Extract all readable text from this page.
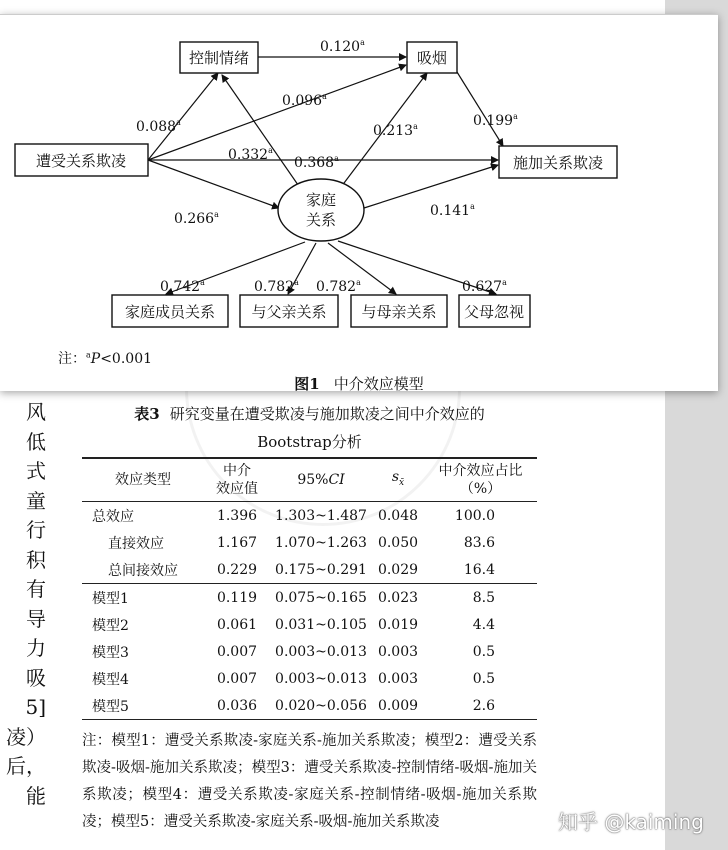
控制情绪	吸烟
遭受关系欺凌	施加关系欺凌
家庭
关系
家庭成员关系 与父亲关系 与母亲关系 父母忽视
0.120$^a$
0.088$^a$
0.096$^a$
0.332$^a$
0.368$^a$
0.213$^a$	0.199$^a$
0.266$^a$	0.141$^a$
0.742$^a$	0.782$^a$ 0.782$^a$	0.627$^a$
注：$^a$P<0.001
图1 中介效应模型
风
低
式
童
行
积
有
导
力
吸
5]
凌）
后，
能
表3 研究变量在遭受欺凌与施加欺凌之间中介效应的
Bootstrap分析
效应类型	中介
效应值	95%CI	$s_{x̄}$	中介效应占比
（%）
总效应	1.396	1.303~1.487	0.048	100.0
直接效应	1.167	1.070~1.263	0.050	83.6
总间接效应	0.229	0.175~0.291	0.029	16.4
模型1	0.119	0.075~0.165	0.023	8.5
模型2	0.061	0.031~0.105	0.019	4.4
模型3	0.007	0.003~0.013	0.003	0.5
模型4	0.007	0.003~0.013	0.003	0.5
模型5	0.036	0.020~0.056	0.009	2.6
注：模型1：遭受关系欺凌-家庭关系-施加关系欺凌；模型2：遭受关系欺凌-吸烟-施加关系欺凌；模型3：遭受关系欺凌-控制情绪-吸烟-施加关系欺凌；模型4：遭受关系欺凌-家庭关系-控制情绪-吸烟-施加关系欺凌；模型5：遭受关系欺凌-家庭关系-吸烟-施加关系欺凌	知乎 @kaiming
